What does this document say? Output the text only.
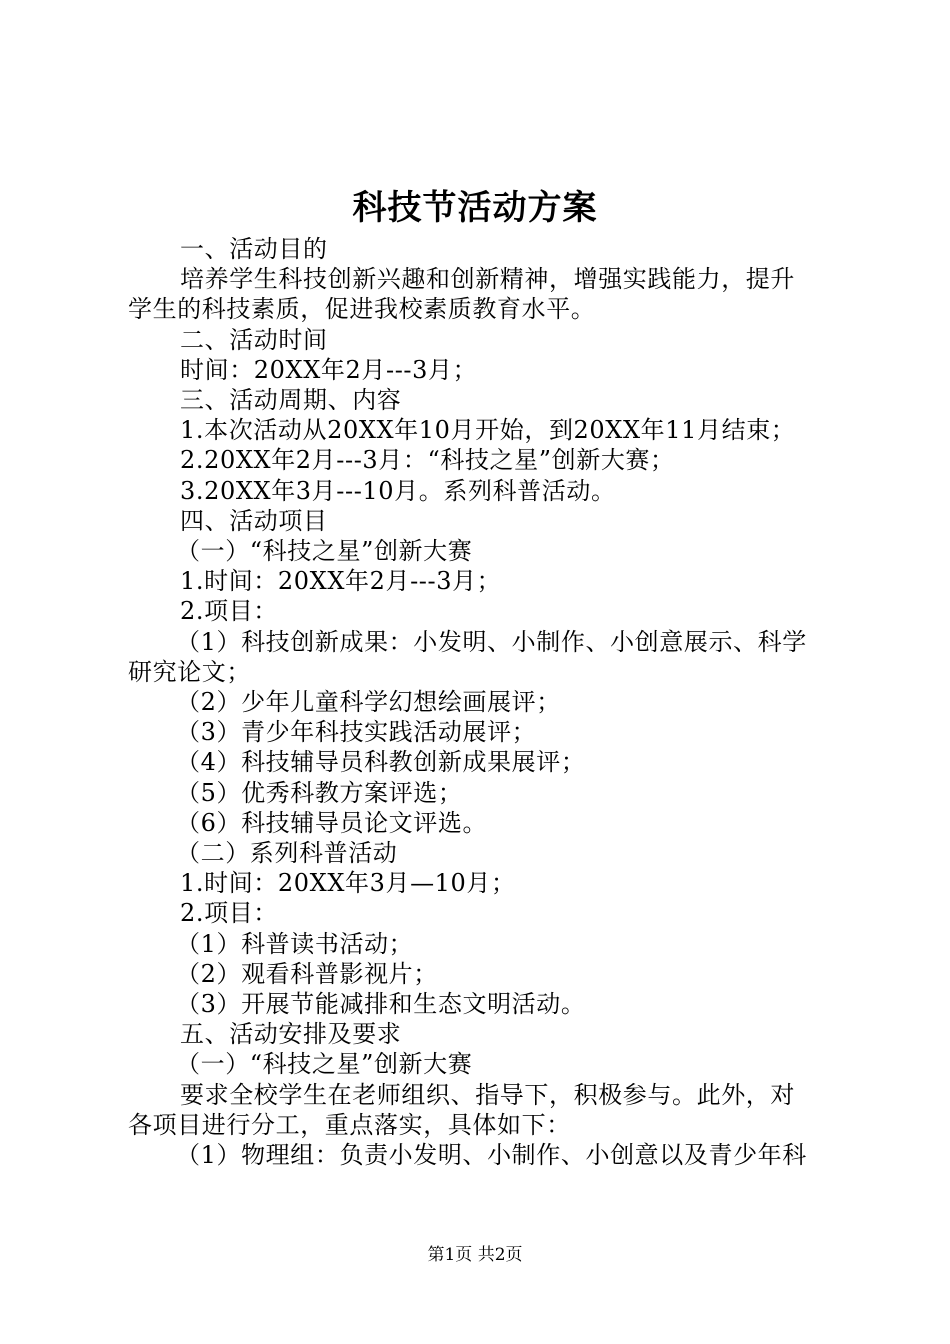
科技节活动方案

一、活动目的

培养学生科技创新兴趣和创新精神，增强实践能力，提升

学生的科技素质，促进我校素质教育水平。

二、活动时间

时间：20XX年2月---3月；

三、活动周期、内容

1.本次活动从20XX年10月开始，到20XX年11月结束；

2.20XX年2月---3月：“科技之星”创新大赛；

3.20XX年3月---10月。系列科普活动。

四、活动项目

（一）“科技之星”创新大赛

1.时间：20XX年2月---3月；

2.项目：

（1）科技创新成果：小发明、小制作、小创意展示、科学

研究论文；

（2）少年儿童科学幻想绘画展评；

（3）青少年科技实践活动展评；

（4）科技辅导员科教创新成果展评；

（5）优秀科教方案评选；

（6）科技辅导员论文评选。

（二）系列科普活动

1.时间：20XX年3月—10月；

2.项目：

（1）科普读书活动；

（2）观看科普影视片；

（3）开展节能减排和生态文明活动。

五、活动安排及要求

（一）“科技之星”创新大赛

要求全校学生在老师组织、指导下，积极参与。此外，对

各项目进行分工，重点落实，具体如下：

（1）物理组：负责小发明、小制作、小创意以及青少年科

第1页 共2页
